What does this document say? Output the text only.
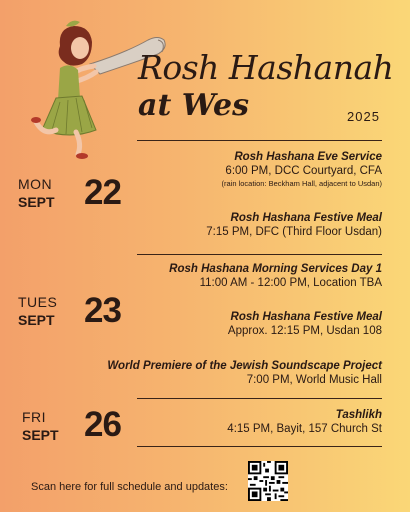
Rosh Hashanah
at Wes	2025
MON
SEPT 22
Rosh Hashana Eve Service
6:00 PM, DCC Courtyard, CFA
(rain location: Beckham Hall, adjacent to Usdan)
Rosh Hashana Festive Meal
7:15 PM, DFC (Third Floor Usdan)
TUES
SEPT 23
Rosh Hashana Morning Services Day 1
11:00 AM - 12:00 PM, Location TBA
Rosh Hashana Festive Meal
Approx. 12:15 PM, Usdan 108
World Premiere of the Jewish Soundscape Project
7:00 PM, World Music Hall
FRI
SEPT 26	Tashlikh
4:15 PM, Bayit, 157 Church St
Scan here for full schedule and updates:
